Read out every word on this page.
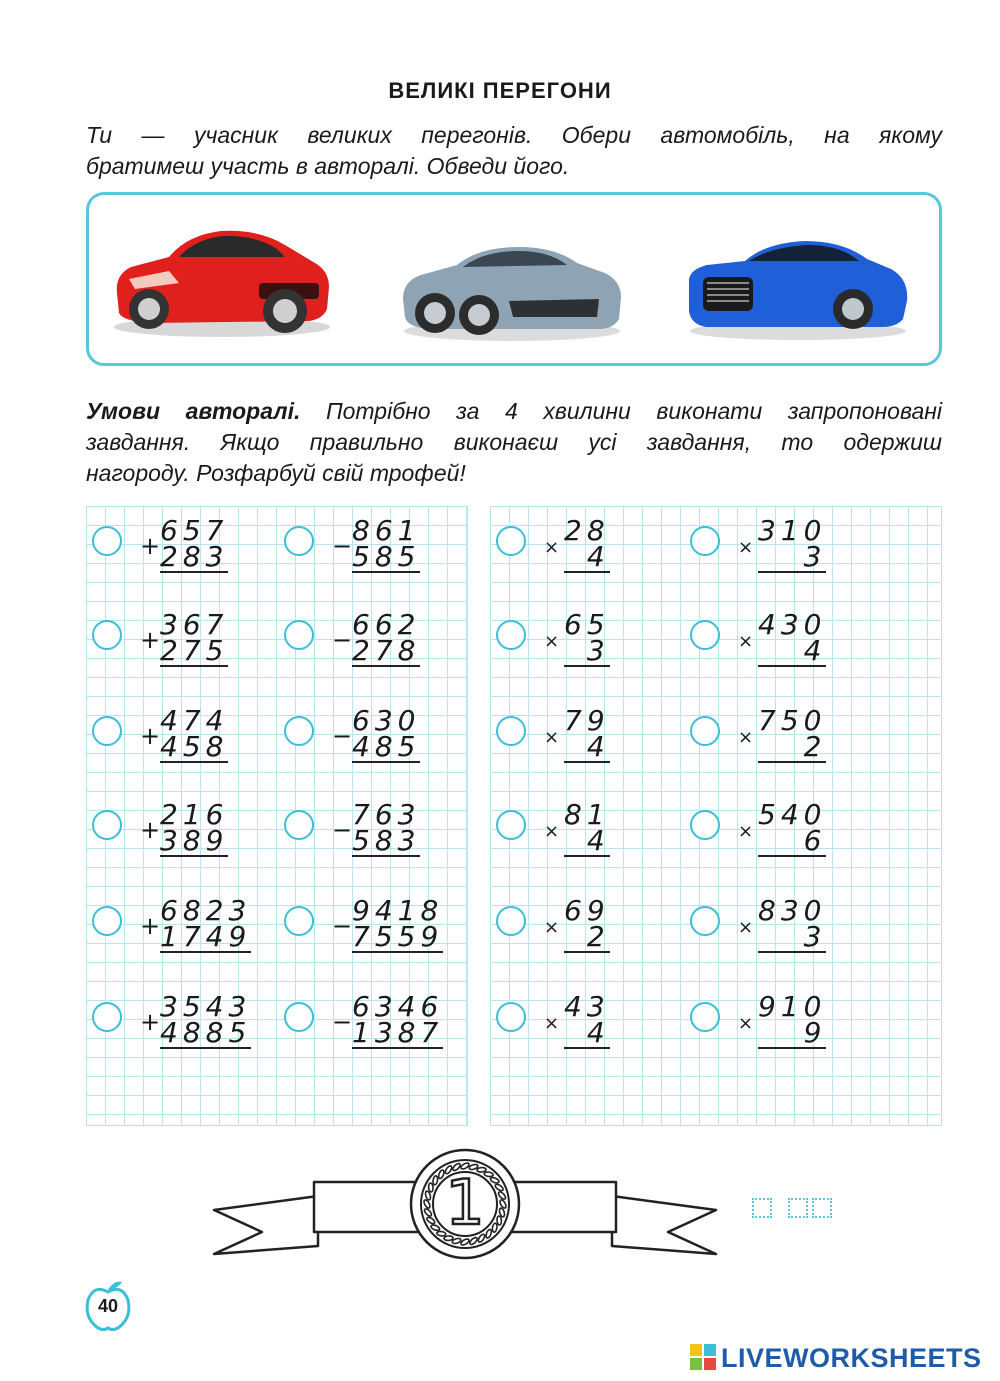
ВЕЛИКІ ПЕРЕГОНИ
Ти — учасник великих перегонів. Обери автомобіль, на якому
братимеш участь в авторалі. Обведи його.
Умови авторалі. Потрібно за 4 хвилини виконати запропоновані
завдання. Якщо правильно виконаєш усі завдання, то одержиш
нагороду. Розфарбуй свій трофей!
+ 657
283
+ 367
275
+ 474
458
+ 216
389
+ 6823
1749
+ 3543
4885
− 861
585
− 662
278
− 630
485
− 763
583
− 9418
7559
− 6346
1387
×
28
4
×
65
3
×
79
4
×
81
4
×
69
2
×
43
4
×
310
3
×
430
4
×
750
2
×
540
6
×
830
3
×
910
9
1
40
LIVEWORKSHEETS
